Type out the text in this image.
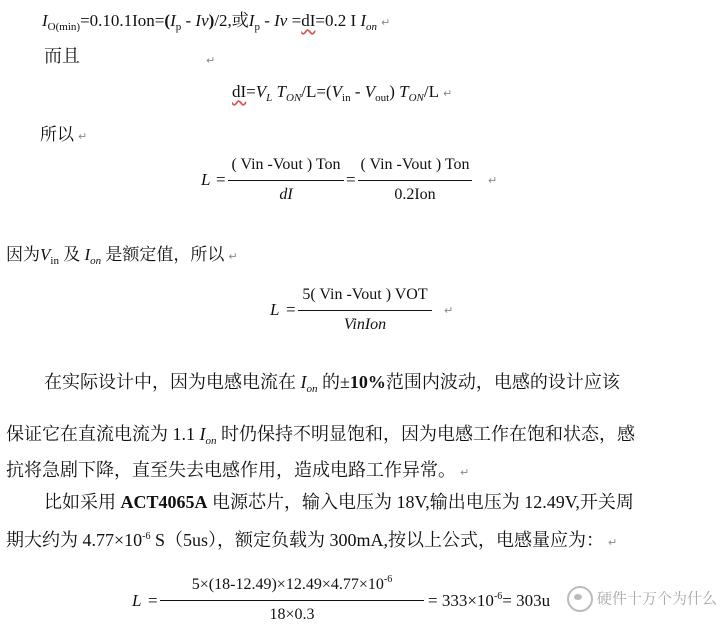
$I_{O(min)}=0.10.1Ion=(I_p - Iv)/2$,或$I_p - Iv =dI=0.2$ I $I_{on}$ ↵
而且	↵
$dI=V_L$ $T_{ON}/L=(V_{in} - V_{out})$ $T_{ON}/L$ ↵
所以 ↵
L =
( Vin -Vout ) Ton
dI
=
( Vin -Vout ) Ton
0.2Ion
↵
因为$V_{in}$ 及 $I_{on}$ 是额定值，所以 ↵
L =
5( Vin -Vout ) VOT
VinIon
↵
在实际设计中，因为电感电流在 $I_{on}$ 的±10%范围内波动，电感的设计应该
保证它在直流电流为 1.1 $I_{on}$ 时仍保持不明显饱和，因为电感工作在饱和状态，感
抗将急剧下降，直至失去电感作用，造成电路工作异常。 ↵
比如采用 ACT4065A 电源芯片，输入电压为 18V,输出电压为 12.49V,开关周
期大约为 $4.77\times 10^{-6}$ S（5us），额定负载为 300mA,按以上公式，电感量应为： ↵
L =
$5\times(18-12.49)\times 12.49\times 4.77\times 10^{-6}$
18×0.3
= $333\times 10^{-6}= 303u$	硬件十万个为什么
